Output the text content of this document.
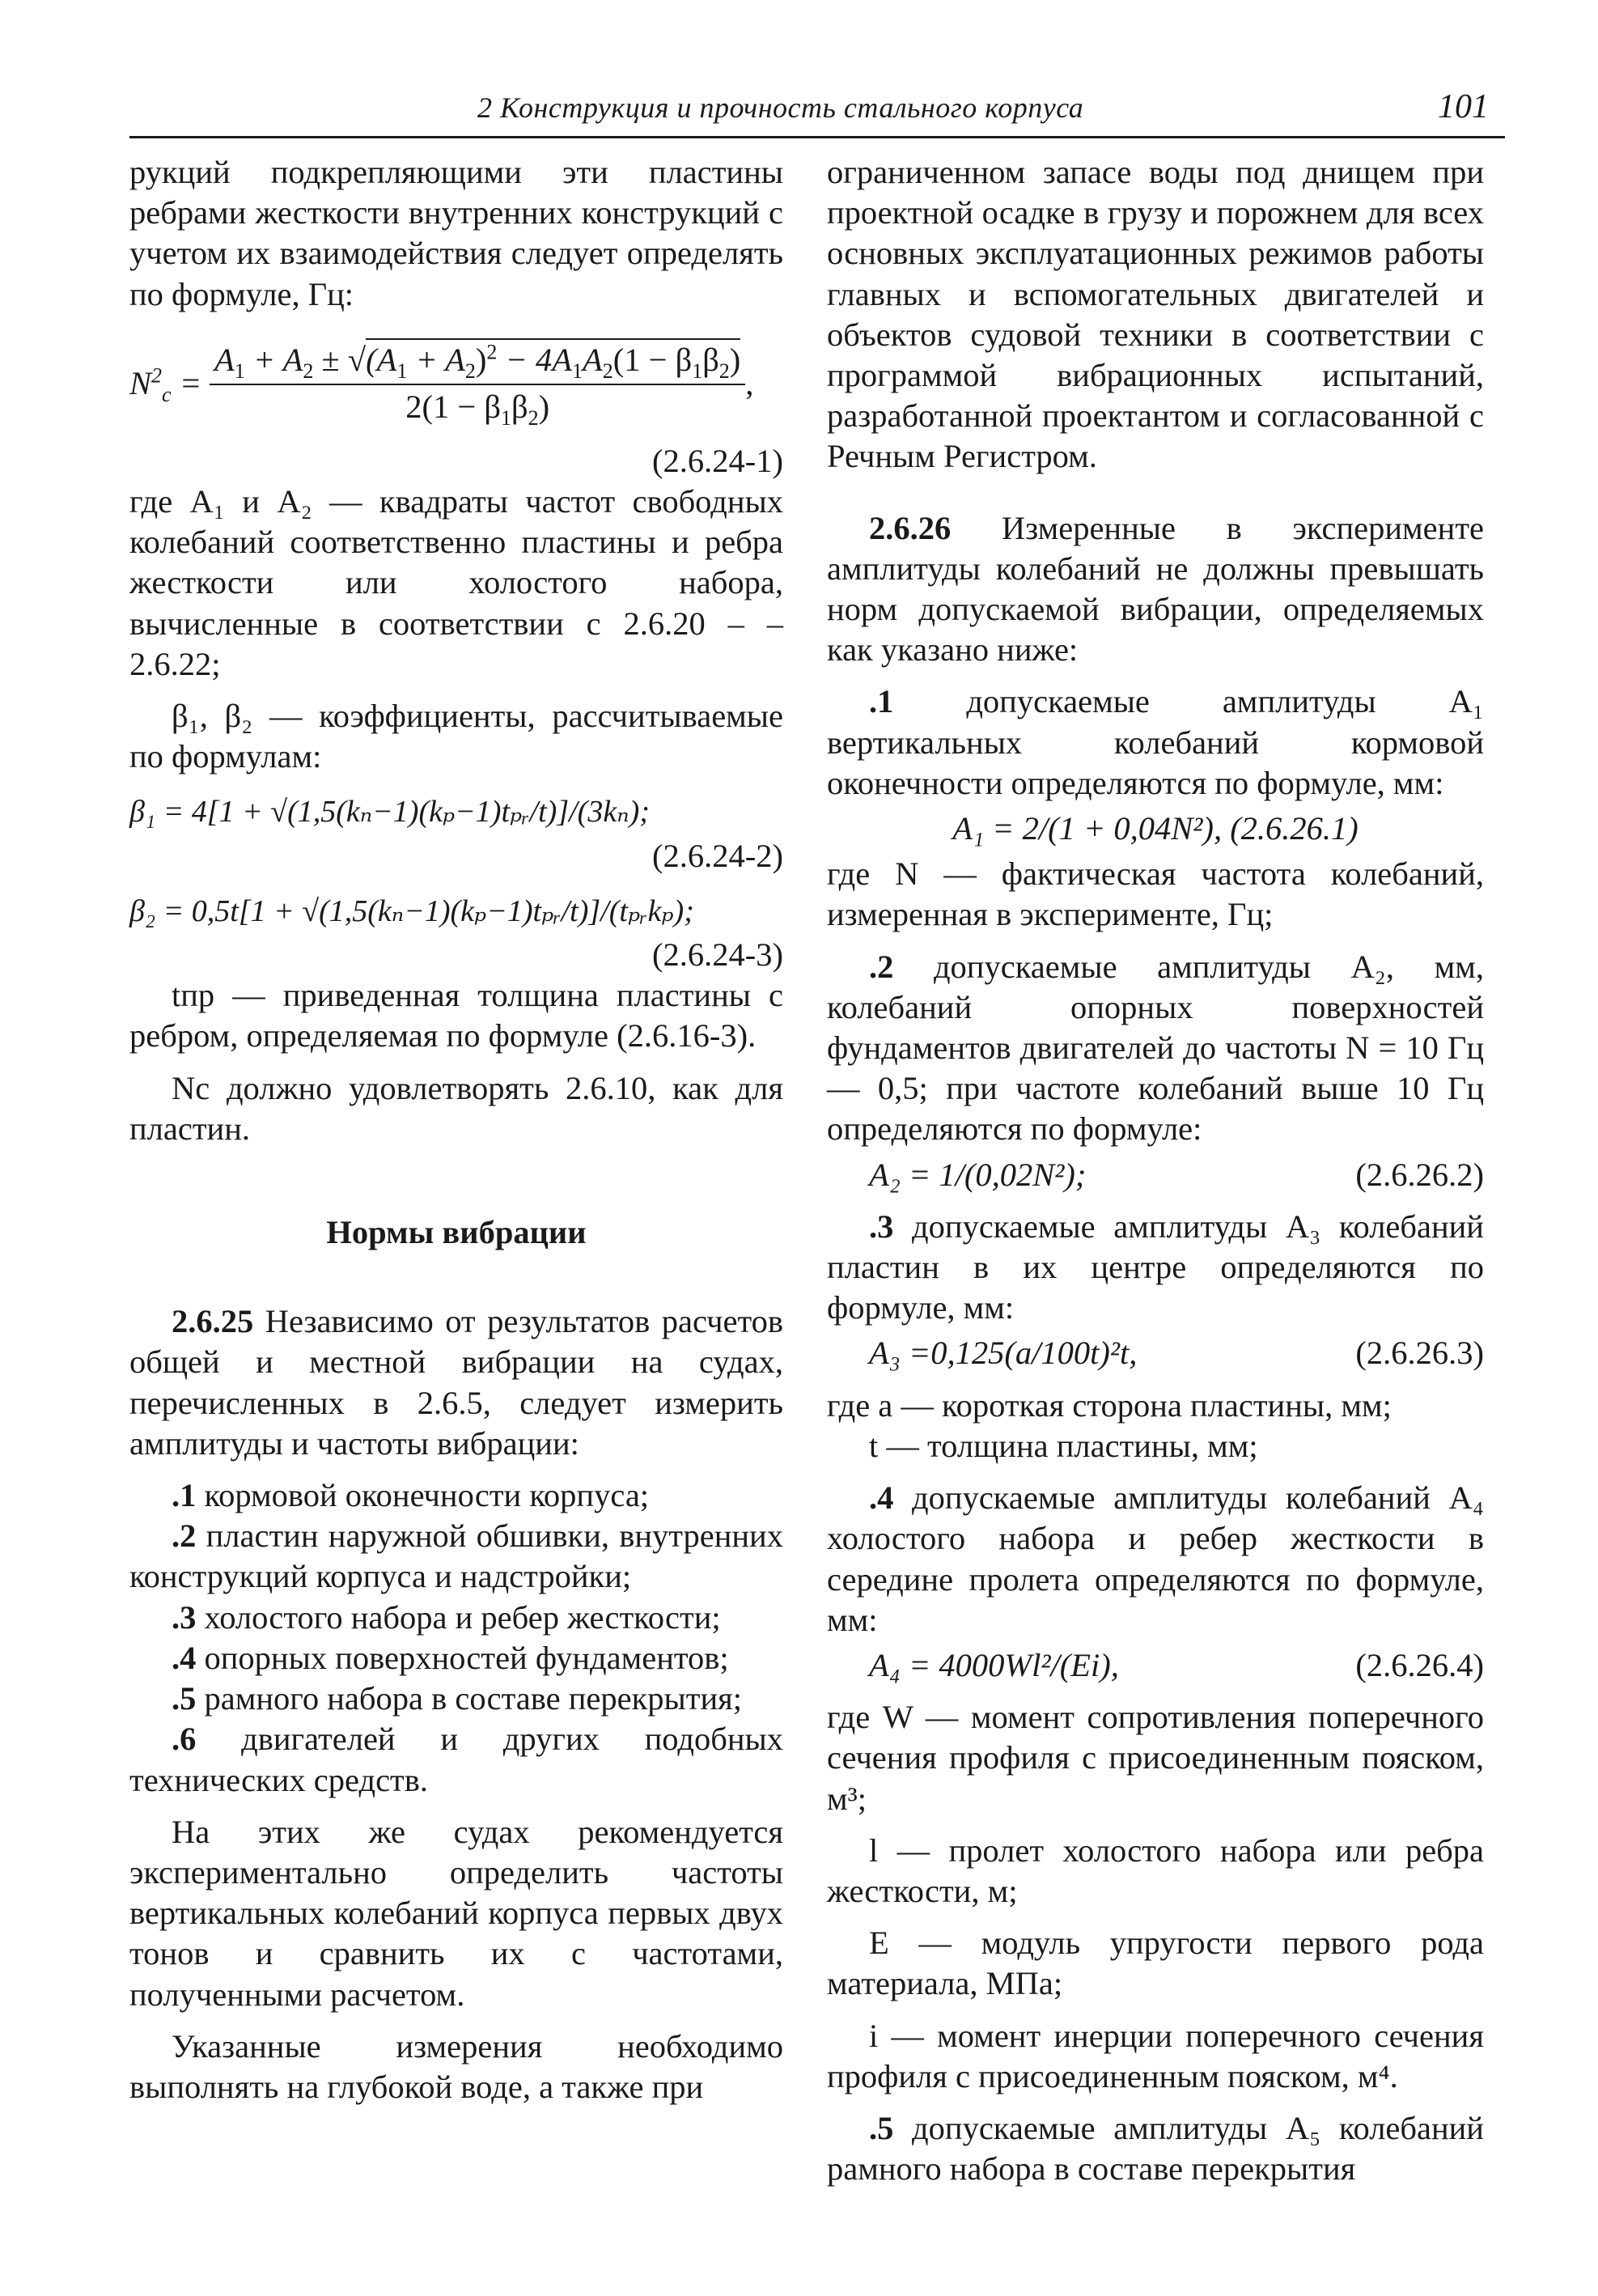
2 Конструкция и прочность стального корпуса	101

рукций подкрепляющими эти пластины ребрами жесткости внутренних конструкций с учетом их взаимодействия следует определять по формуле, Гц:

$N^2_c = \frac{A_1 + A_2 \pm √(A_1 + A_2)^2 - 4A_1A_2(1 - \beta_1\beta_2)}{2(1 - \beta_1\beta_2)}$ ,

(2.6.24-1)

где A₁ и A₂ — квадраты частот свободных колебаний соответственно пластины и ребра жесткости или холостого набора, вычисленные в соответствии с 2.6.20 – – 2.6.22;

β₁, β₂ — коэффициенты, рассчитываемые по формулам:

β₁ = 4[1 + √(1,5(kₙ−1)(kₚ−1)tₚᵣ/t)]/(3kₙ);

(2.6.24-2)

β₂ = 0,5t[1 + √(1,5(kₙ−1)(kₚ−1)tₚᵣ/t)]/(tₚᵣkₚ);

(2.6.24-3)

tпр — приведенная толщина пластины с ребром, определяемая по формуле (2.6.16-3).

Nc должно удовлетворять 2.6.10, как для пластин.

Нормы вибрации

2.6.25 Независимо от результатов расчетов общей и местной вибрации на судах, перечисленных в 2.6.5, следует измерить амплитуды и частоты вибрации:

.1 кормовой оконечности корпуса;

.2 пластин наружной обшивки, внутренних конструкций корпуса и надстройки;

.3 холостого набора и ребер жесткости;

.4 опорных поверхностей фундаментов;

.5 рамного набора в составе перекрытия;

.6 двигателей и других подобных технических средств.

На этих же судах рекомендуется экспериментально определить частоты вертикальных колебаний корпуса первых двух тонов и сравнить их с частотами, полученными расчетом.

Указанные измерения необходимо выполнять на глубокой воде, а также при

ограниченном запасе воды под днищем при проектной осадке в грузу и порожнем для всех основных эксплуатационных режимов работы главных и вспомогательных двигателей и объектов судовой техники в соответствии с программой вибрационных испытаний, разработанной проектантом и согласованной с Речным Регистром.

2.6.26 Измеренные в эксперименте амплитуды колебаний не должны превышать норм допускаемой вибрации, определяемых как указано ниже:

.1 допускаемые амплитуды A₁ вертикальных колебаний кормовой оконечности определяются по формуле, мм:

A₁ = 2/(1 + 0,04N²), (2.6.26.1)

где N — фактическая частота колебаний, измеренная в эксперименте, Гц;

.2 допускаемые амплитуды A₂, мм, колебаний опорных поверхностей фундаментов двигателей до частоты N = 10 Гц — 0,5; при частоте колебаний выше 10 Гц определяются по формуле:

A₂ = 1/(0,02N²);	(2.6.26.2)

.3 допускаемые амплитуды A₃ колебаний пластин в их центре определяются по формуле, мм:

A₃ =0,125(a/100t)²t,	(2.6.26.3)

где a — короткая сторона пластины, мм;

t — толщина пластины, мм;

.4 допускаемые амплитуды колебаний A₄ холостого набора и ребер жесткости в середине пролета определяются по формуле, мм:

A₄ = 4000Wl²/(Ei),	(2.6.26.4)

где W — момент сопротивления поперечного сечения профиля с присоединенным пояском, м³;

l — пролет холостого набора или ребра жесткости, м;

E — модуль упругости первого рода материала, МПа;

i — момент инерции поперечного сечения профиля с присоединенным пояском, м⁴.

.5 допускаемые амплитуды A₅ колебаний рамного набора в составе перекрытия
